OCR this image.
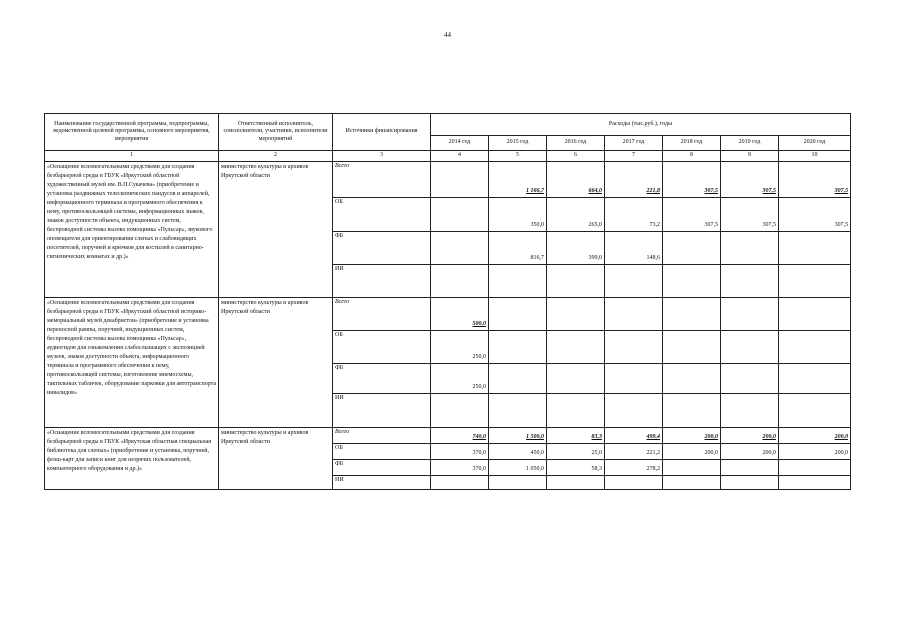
44
Наименование государственной программы, подпрограммы, ведомственной целевой программы, основного мероприятия, мероприятия	Ответственный исполнитель, соисполнители, участники, исполнители мероприятий	Источники финансирования	Расходы (тыс.руб.), годы						
			2014 год	2015 год	2016 год	2017 год	2018 год	2019 год	2020 год
1	2	3	4	5	6	7	8	9	10
«Оснащение вспомогательными средствами для создания безбарьерной среды в ГБУК «Иркутский областной художественный музей им. В.П.Сукачева» (приобретение и установка раздвижных телескопических пандусов и аппарелей, информационного терминала и программного обеспечения к нему, противоскользящей системы, информационных знаков, знаков доступности объекта, индукционных систем, беспроводной системы вызова помощника «Пульсар», звукового оповещателя для ориентирования слепых и слабовидящих посетителей, поручней и крючков для костылей в санитарно-гигиенических комнатах и др.)»	министерство культуры и архивов Иркутской области	Всего		1 166,7	664,0	221,8	307,5	307,5	307,5
		ОБ		350,0	265,0	73,2	307,5	307,5	307,5
		ФБ		816,7	399,0	148,6			
		ИИ							
«Оснащение вспомогательными средствами для создания безбарьерной среды в ГБУК «Иркутский областной историко-мемориальный музей декабристов» (приобретение и установка переносной рампы, поручней, индукционных систем, беспроводной системы вызова помощника «Пульсар», аудиогидов для ознакомления слабослышащих с экспозицией музеев, знаков доступности объекта, информационного терминала и программного обеспечения к нему, противоскользящей системы, изготовление мнемосхемы, тактильных табличек, оборудование парковки для автотранспорта инвалидов»	министерство культуры и архивов Иркутской области	Всего	500,0						
		ОБ	250,0						
		ФБ	250,0						
		ИИ							
«Оснащение вспомогательными средствами для создания безбарьерной среды в ГБУК «Иркутская областная специальная библиотека для слепых» (приобретение и установка, поручней, флэш-карт для записи книг для незрячих пользователей, компьютерного оборудования и др.)»	министерство культуры и архивов Иркутской области	Всего	740,0	1 500,0	83,3	499,4	200,0	200,0	200,0
		ОБ	370,0	450,0	25,0	221,2	200,0	200,0	200,0
		ФБ	370,0	1 050,0	58,3	278,2			
		ИИ							
